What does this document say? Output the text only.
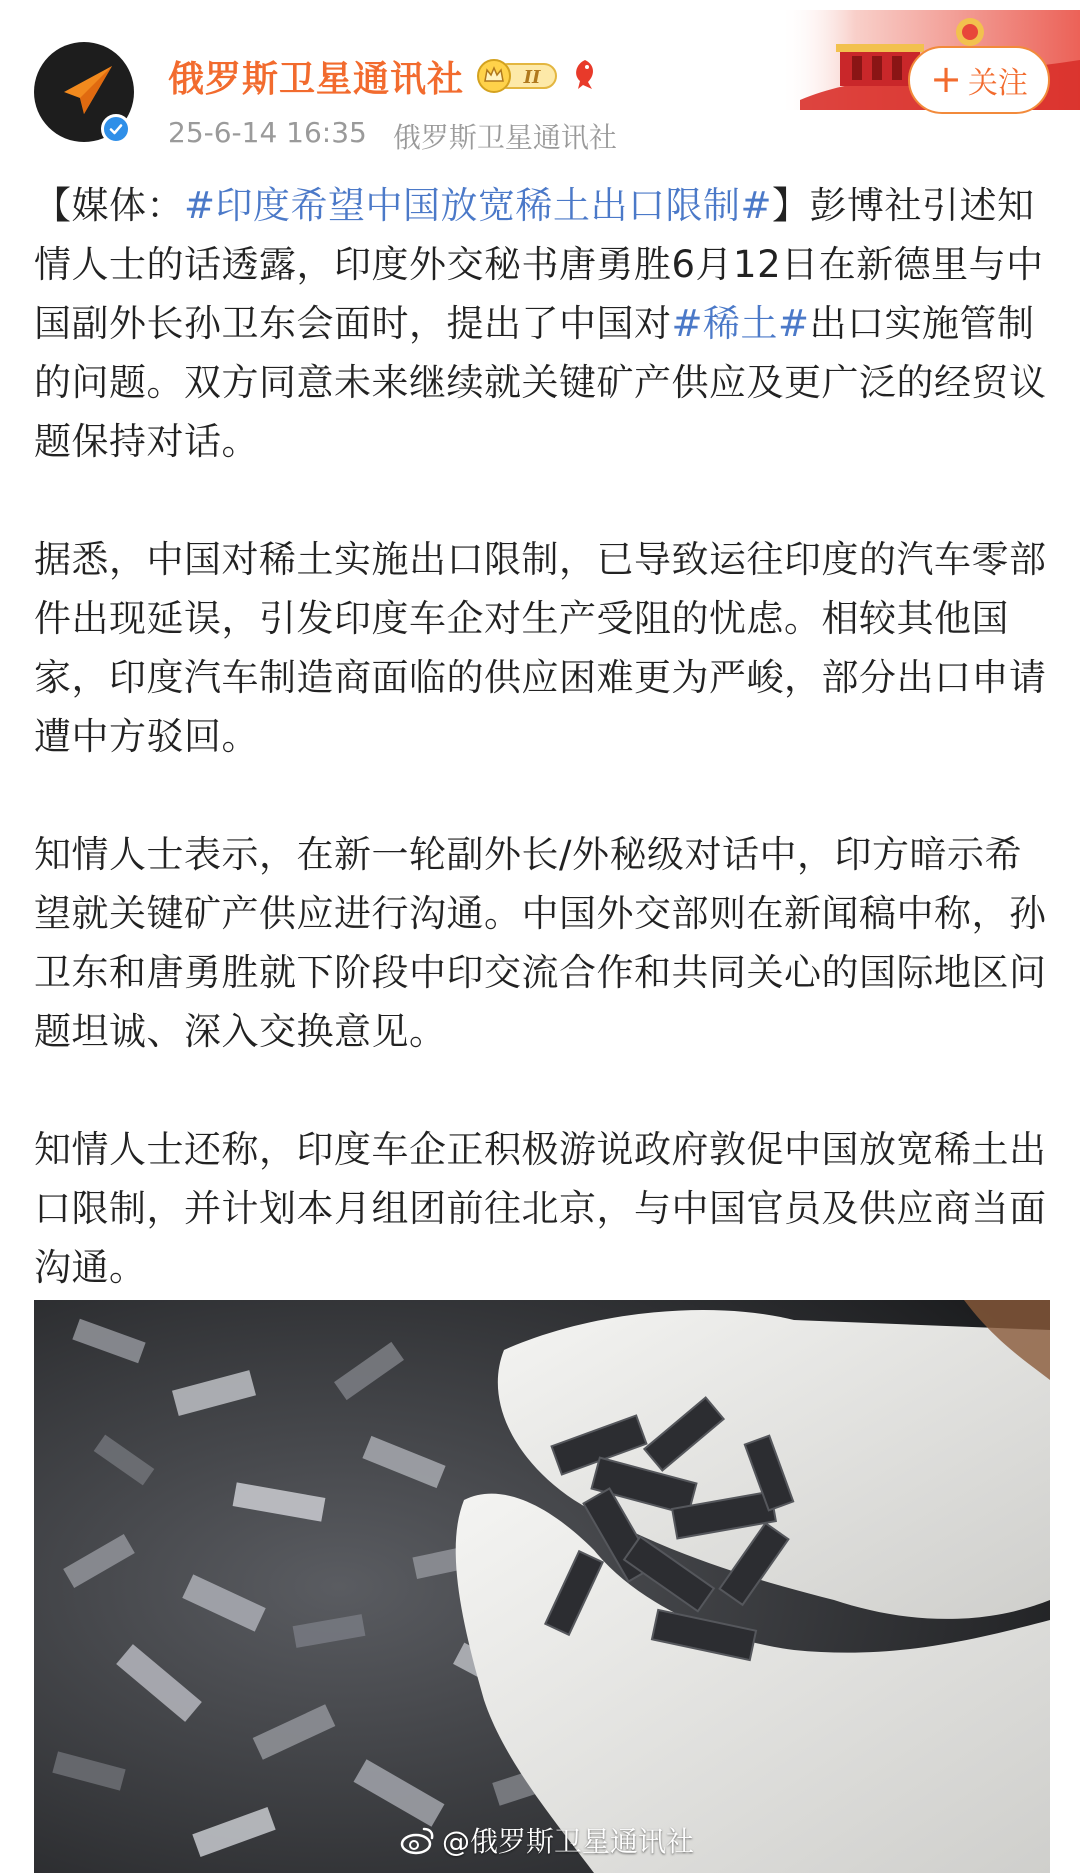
俄罗斯卫星通讯社	II
25-6-14 16:35 俄罗斯卫星通讯社
+ 关注

【媒体：#印度希望中国放宽稀土出口限制#】彭博社引述知情人士的话透露，印度外交秘书唐勇胜6月12日在新德里与中国副外长孙卫东会面时，提出了中国对#稀土#出口实施管制的问题。双方同意未来继续就关键矿产供应及更广泛的经贸议题保持对话。

据悉，中国对稀土实施出口限制，已导致运往印度的汽车零部件出现延误，引发印度车企对生产受阻的忧虑。相较其他国家，印度汽车制造商面临的供应困难更为严峻，部分出口申请遭中方驳回。

知情人士表示，在新一轮副外长/外秘级对话中，印方暗示希望就关键矿产供应进行沟通。中国外交部则在新闻稿中称，孙卫东和唐勇胜就下阶段中印交流合作和共同关心的国际地区问题坦诚、深入交换意见。

知情人士还称，印度车企正积极游说政府敦促中国放宽稀土出口限制，并计划本月组团前往北京，与中国官员及供应商当面沟通。

@俄罗斯卫星通讯社
